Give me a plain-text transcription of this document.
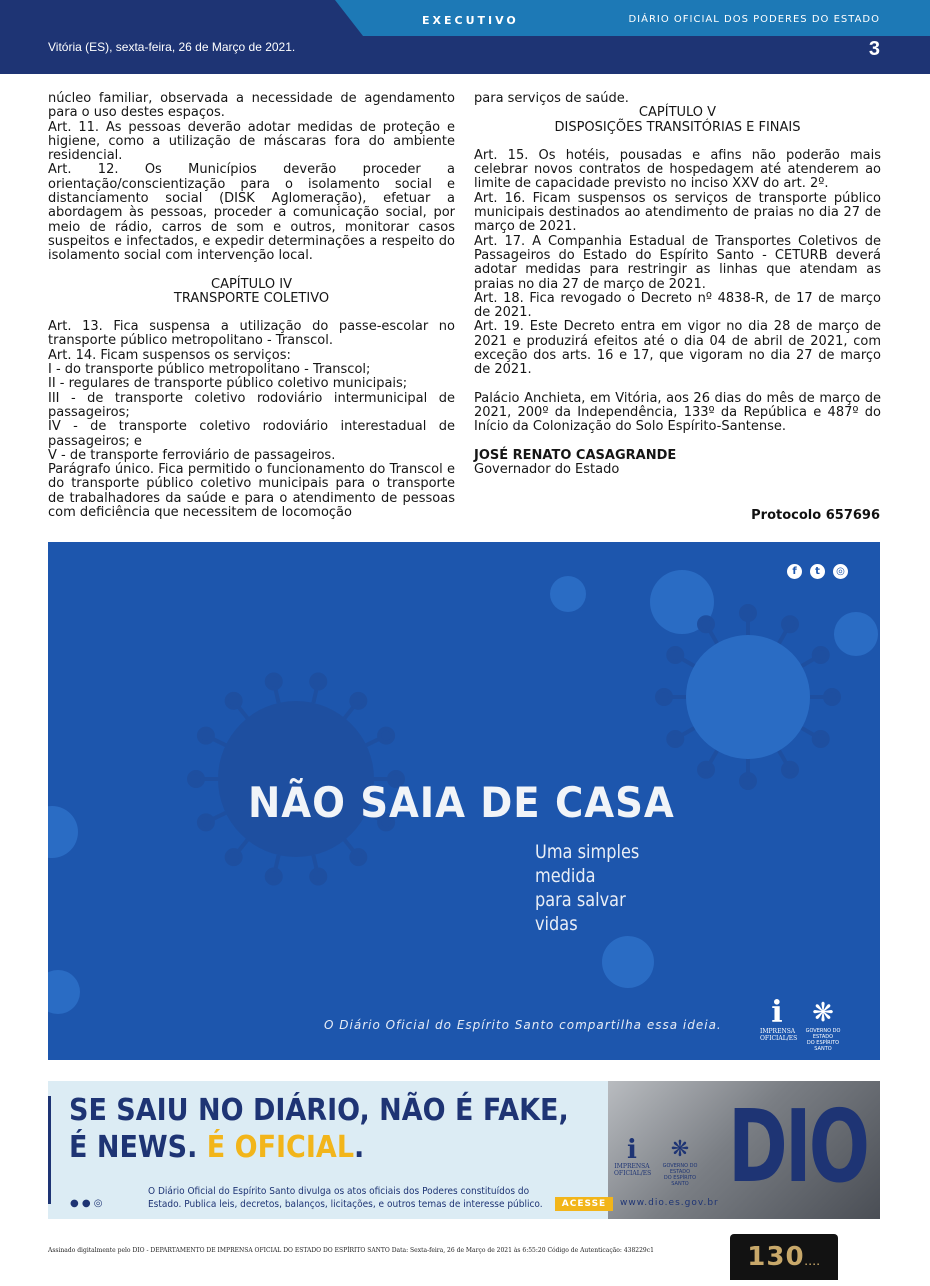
EXECUTIVO	DIÁRIO OFICIAL DOS PODERES DO ESTADO
Vitória (ES), sexta-feira, 26 de Março de 2021.	3

núcleo familiar, observada a necessidade de agendamento para o uso destes espaços.

Art. 11. As pessoas deverão adotar medidas de proteção e higiene, como a utilização de máscaras fora do ambiente residencial.

Art. 12. Os Municípios deverão proceder a orientação/conscientização para o isolamento social e distanciamento social (DISK Aglomeração), efetuar a abordagem às pessoas, proceder a comunicação social, por meio de rádio, carros de som e outros, monitorar casos suspeitos e infectados, e expedir determinações a respeito do isolamento social com intervenção local.

CAPÍTULO IV

TRANSPORTE COLETIVO

Art. 13. Fica suspensa a utilização do passe-escolar no transporte público metropolitano - Transcol.

Art. 14. Ficam suspensos os serviços:

I - do transporte público metropolitano - Transcol;

II - regulares de transporte público coletivo municipais;

III - de transporte coletivo rodoviário intermunicipal de passageiros;

IV - de transporte coletivo rodoviário interestadual de passageiros; e

V - de transporte ferroviário de passageiros.

Parágrafo único. Fica permitido o funcionamento do Transcol e do transporte público coletivo municipais para o transporte de trabalhadores da saúde e para o atendimento de pessoas com deficiência que necessitem de locomoção

para serviços de saúde.

CAPÍTULO V

DISPOSIÇÕES TRANSITÓRIAS E FINAIS

Art. 15. Os hotéis, pousadas e afins não poderão mais celebrar novos contratos de hospedagem até atenderem ao limite de capacidade previsto no inciso XXV do art. 2º.

Art. 16. Ficam suspensos os serviços de transporte público municipais destinados ao atendimento de praias no dia 27 de março de 2021.

Art. 17. A Companhia Estadual de Transportes Coletivos de Passageiros do Estado do Espírito Santo - CETURB deverá adotar medidas para restringir as linhas que atendam as praias no dia 27 de março de 2021.

Art. 18. Fica revogado o Decreto nº 4838-R, de 17 de março de 2021.

Art. 19. Este Decreto entra em vigor no dia 28 de março de 2021 e produzirá efeitos até o dia 04 de abril de 2021, com exceção dos arts. 16 e 17, que vigoram no dia 27 de março de 2021.

Palácio Anchieta, em Vitória, aos 26 dias do mês de março de 2021, 200º da Independência, 133º da República e 487º do Início da Colonização do Solo Espírito-Santense.

JOSÉ RENATO CASAGRANDE

Governador do Estado

Protocolo 657696
f	t	◎
NÃO SAIA DE CASA
Uma simples
medida
para salvar
vidas
O Diário Oficial do Espírito Santo compartilha essa ideia.	i
IMPRENSA
OFICIAL/ES
❋
GOVERNO DO ESTADO
DO ESPÍRITO SANTO
SE SAIU NO DIÁRIO, NÃO É FAKE,
É NEWS. É OFICIAL.
O Diário Oficial do Espírito Santo divulga os atos oficiais dos Poderes constituídos do
Estado. Publica leis, decretos, balanços, licitações, e outros temas de interesse público.
● ● ◎
i
IMPRENSA
OFICIAL/ES
❋
GOVERNO DO ESTADO
DO ESPÍRITO SANTO
ACESSE	www.dio.es.gov.br DIO
Assinado digitalmente pelo DIO - DEPARTAMENTO DE IMPRENSA OFICIAL DO ESTADO DO ESPÍRITO SANTO Data: Sexta-feira, 26 de Março de 2021 às 6:55:20 Código de Autenticação: 438229c1	130....
